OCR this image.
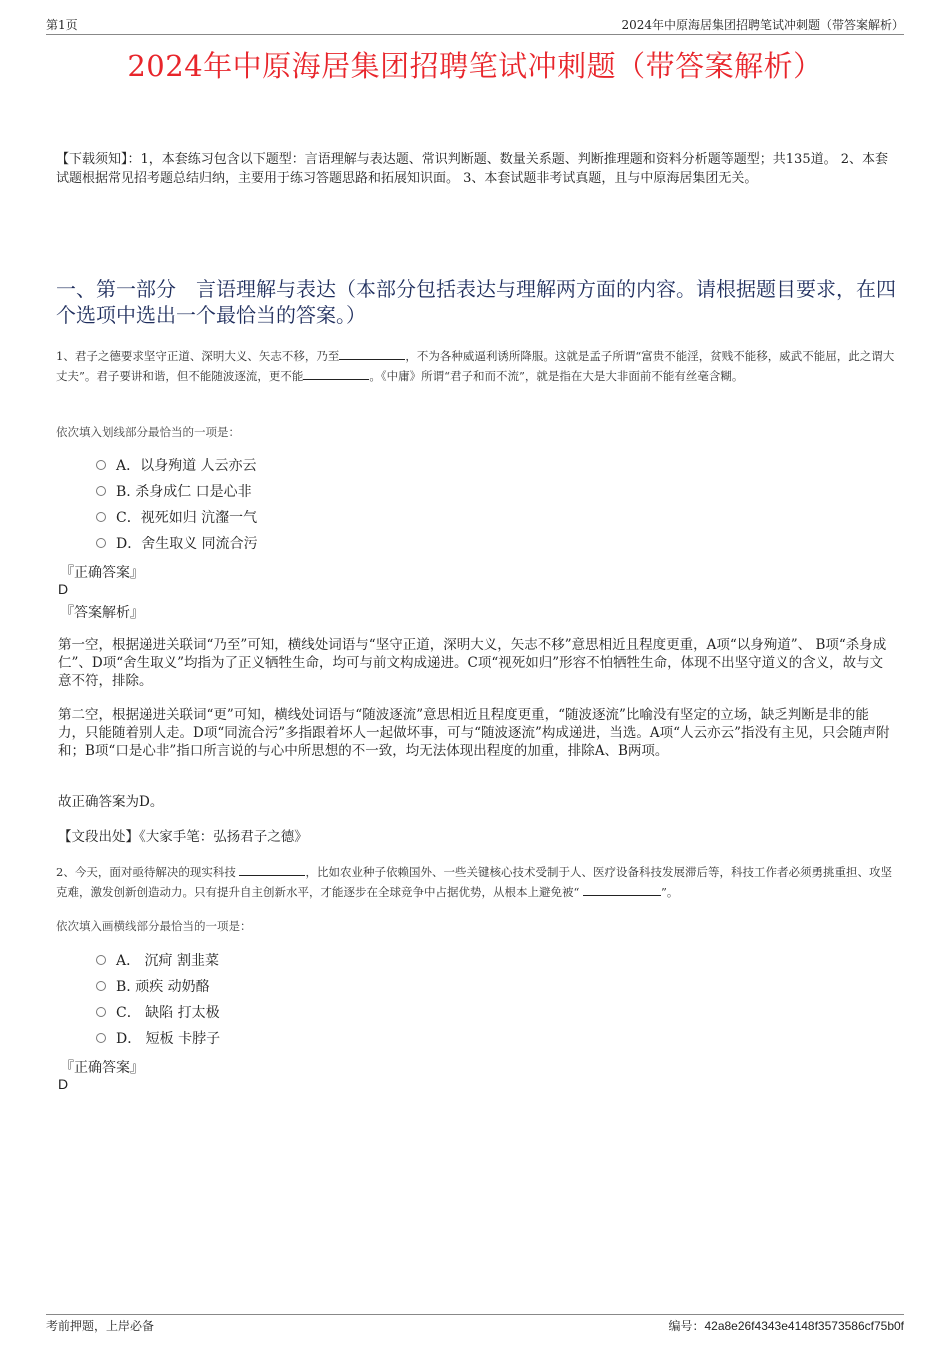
第1页	2024年中原海居集团招聘笔试冲刺题（带答案解析）
2024年中原海居集团招聘笔试冲刺题（带答案解析）
【下载须知】：1，本套练习包含以下题型：言语理解与表达题、常识判断题、数量关系题、判断推理题和资料分析题等题型；共135道。 2、本套试题根据常见招考题总结归纳，主要用于练习答题思路和拓展知识面。 3、本套试题非考试真题，且与中原海居集团无关。
一、第一部分　言语理解与表达（本部分包括表达与理解两方面的内容。请根据题目要求，在四个选项中选出一个最恰当的答案。）
1、君子之德要求坚守正道、深明大义、矢志不移，乃至	，不为各种威逼利诱所降服。这就是孟子所谓“富贵不能淫，贫贱不能移，威武不能屈，此之谓大丈夫”。君子要讲和谐，但不能随波逐流，更不能	。《中庸》所谓“君子和而不流”，就是指在大是大非面前不能有丝毫含糊。
依次填入划线部分最恰当的一项是：
A．以身殉道 人云亦云
B. 杀身成仁 口是心非
C．视死如归 沆瀣一气
D．舍生取义 同流合污
『正确答案』
D
『答案解析』
第一空，根据递进关联词“乃至”可知，横线处词语与“坚守正道，深明大义，矢志不移”意思相近且程度更重，A项“以身殉道”、 B项“杀身成仁”、D项“舍生取义”均指为了正义牺牲生命，均可与前文构成递进。C项“视死如归”形容不怕牺牲生命，体现不出坚守道义的含义，故与文意不符，排除。
第二空，根据递进关联词“更”可知，横线处词语与“随波逐流”意思相近且程度更重，“随波逐流”比喻没有坚定的立场，缺乏判断是非的能力，只能随着别人走。D项“同流合污”多指跟着坏人一起做坏事，可与“随波逐流”构成递进，当选。A项“人云亦云”指没有主见，只会随声附和；B项“口是心非”指口所言说的与心中所思想的不一致，均无法体现出程度的加重，排除A、B两项。
故正确答案为D。
【文段出处】《大家手笔：弘扬君子之德》
2、今天，面对亟待解决的现实科技	，比如农业种子依赖国外、一些关键核心技术受制于人、医疗设备科技发展滞后等，科技工作者必须勇挑重担、攻坚克难，激发创新创造动力。只有提升自主创新水平，才能逐步在全球竞争中占据优势，从根本上避免被“	”。
依次填入画横线部分最恰当的一项是：
A． 沉疴 割韭菜
B. 顽疾 动奶酪
C． 缺陷 打太极
D． 短板 卡脖子
『正确答案』
D
考前押题，上岸必备	编号：42a8e26f4343e4148f3573586cf75b0f
